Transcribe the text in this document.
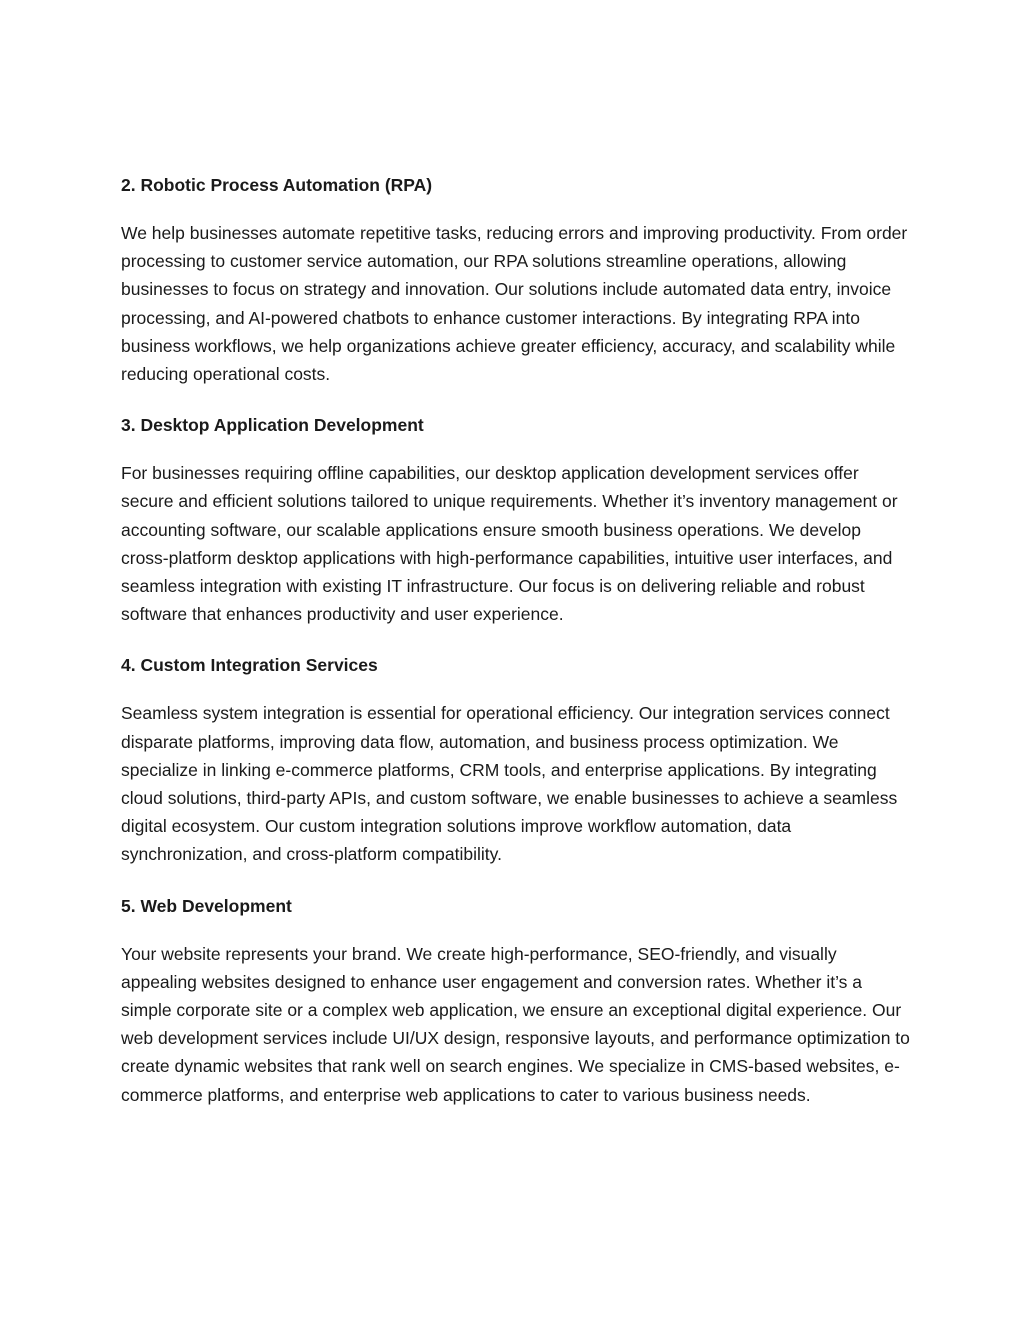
2. Robotic Process Automation (RPA)

We help businesses automate repetitive tasks, reducing errors and improving productivity. From order processing to customer service automation, our RPA solutions streamline operations, allowing businesses to focus on strategy and innovation. Our solutions include automated data entry, invoice processing, and AI-powered chatbots to enhance customer interactions. By integrating RPA into business workflows, we help organizations achieve greater efficiency, accuracy, and scalability while reducing operational costs.

3. Desktop Application Development

For businesses requiring offline capabilities, our desktop application development services offer secure and efficient solutions tailored to unique requirements. Whether it’s inventory management or accounting software, our scalable applications ensure smooth business operations. We develop cross-platform desktop applications with high-performance capabilities, intuitive user interfaces, and seamless integration with existing IT infrastructure. Our focus is on delivering reliable and robust software that enhances productivity and user experience.

4. Custom Integration Services

Seamless system integration is essential for operational efficiency. Our integration services connect disparate platforms, improving data flow, automation, and business process optimization. We specialize in linking e-commerce platforms, CRM tools, and enterprise applications. By integrating cloud solutions, third-party APIs, and custom software, we enable businesses to achieve a seamless digital ecosystem. Our custom integration solutions improve workflow automation, data synchronization, and cross-platform compatibility.

5. Web Development

Your website represents your brand. We create high-performance, SEO-friendly, and visually appealing websites designed to enhance user engagement and conversion rates. Whether it’s a simple corporate site or a complex web application, we ensure an exceptional digital experience. Our web development services include UI/UX design, responsive layouts, and performance optimization to create dynamic websites that rank well on search engines. We specialize in CMS-based websites, e-commerce platforms, and enterprise web applications to cater to various business needs.
